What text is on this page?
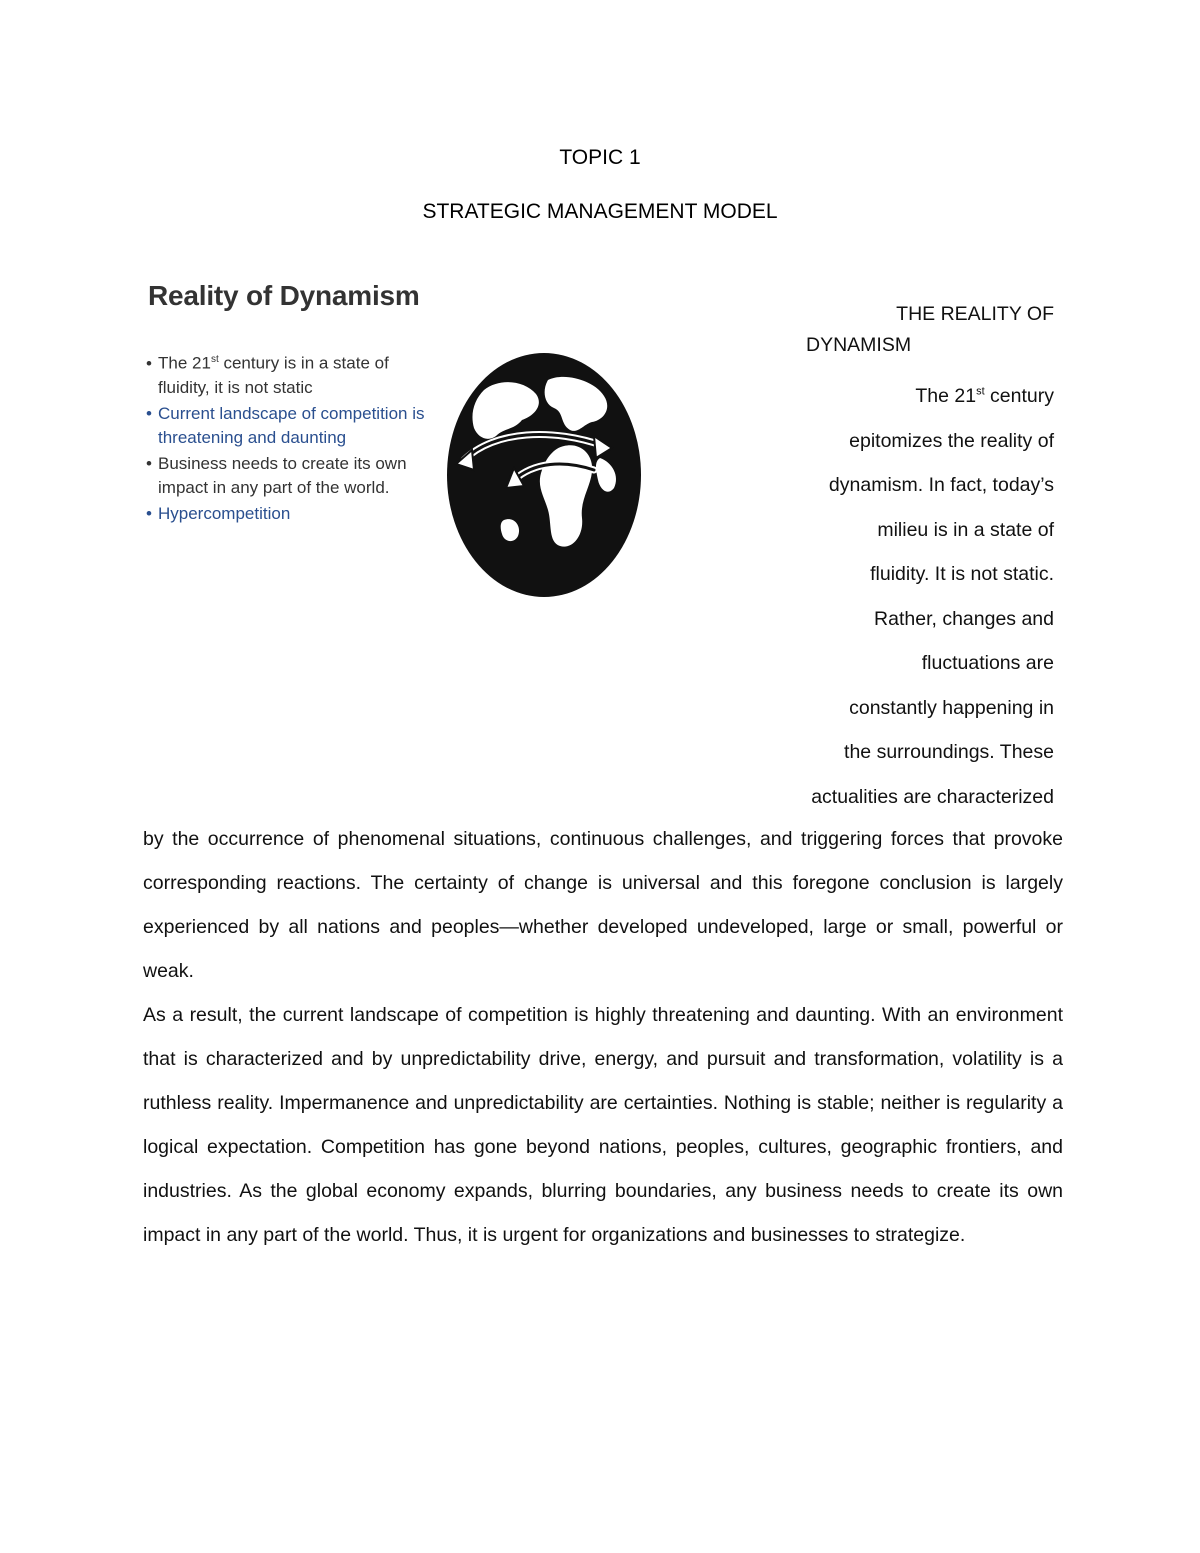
TOPIC 1
STRATEGIC MANAGEMENT MODEL
Reality of Dynamism
• The 21st century is in a state of fluidity, it is not static
• Current landscape of competition is threatening and daunting
• Business needs to create its own impact in any part of the world.
• Hypercompetition
THE REALITY OF
DYNAMISM
The 21st century
epitomizes the reality of
dynamism. In fact, today’s
milieu is in a state of
fluidity. It is not static.
Rather, changes and
fluctuations are
constantly happening in
the surroundings. These
actualities are characterized

by the occurrence of phenomenal situations, continuous challenges, and triggering forces that provoke corresponding reactions. The certainty of change is universal and this foregone conclusion is largely experienced by all nations and peoples—whether developed undeveloped, large or small, powerful or weak.

As a result, the current landscape of competition is highly threatening and daunting. With an environment that is characterized and by unpredictability drive, energy, and pursuit and transformation, volatility is a ruthless reality. Impermanence and unpredictability are certainties. Nothing is stable; neither is regularity a logical expectation. Competition has gone beyond nations, peoples, cultures, geographic frontiers, and industries. As the global economy expands, blurring boundaries, any business needs to create its own impact in any part of the world. Thus, it is urgent for organizations and businesses to strategize.
